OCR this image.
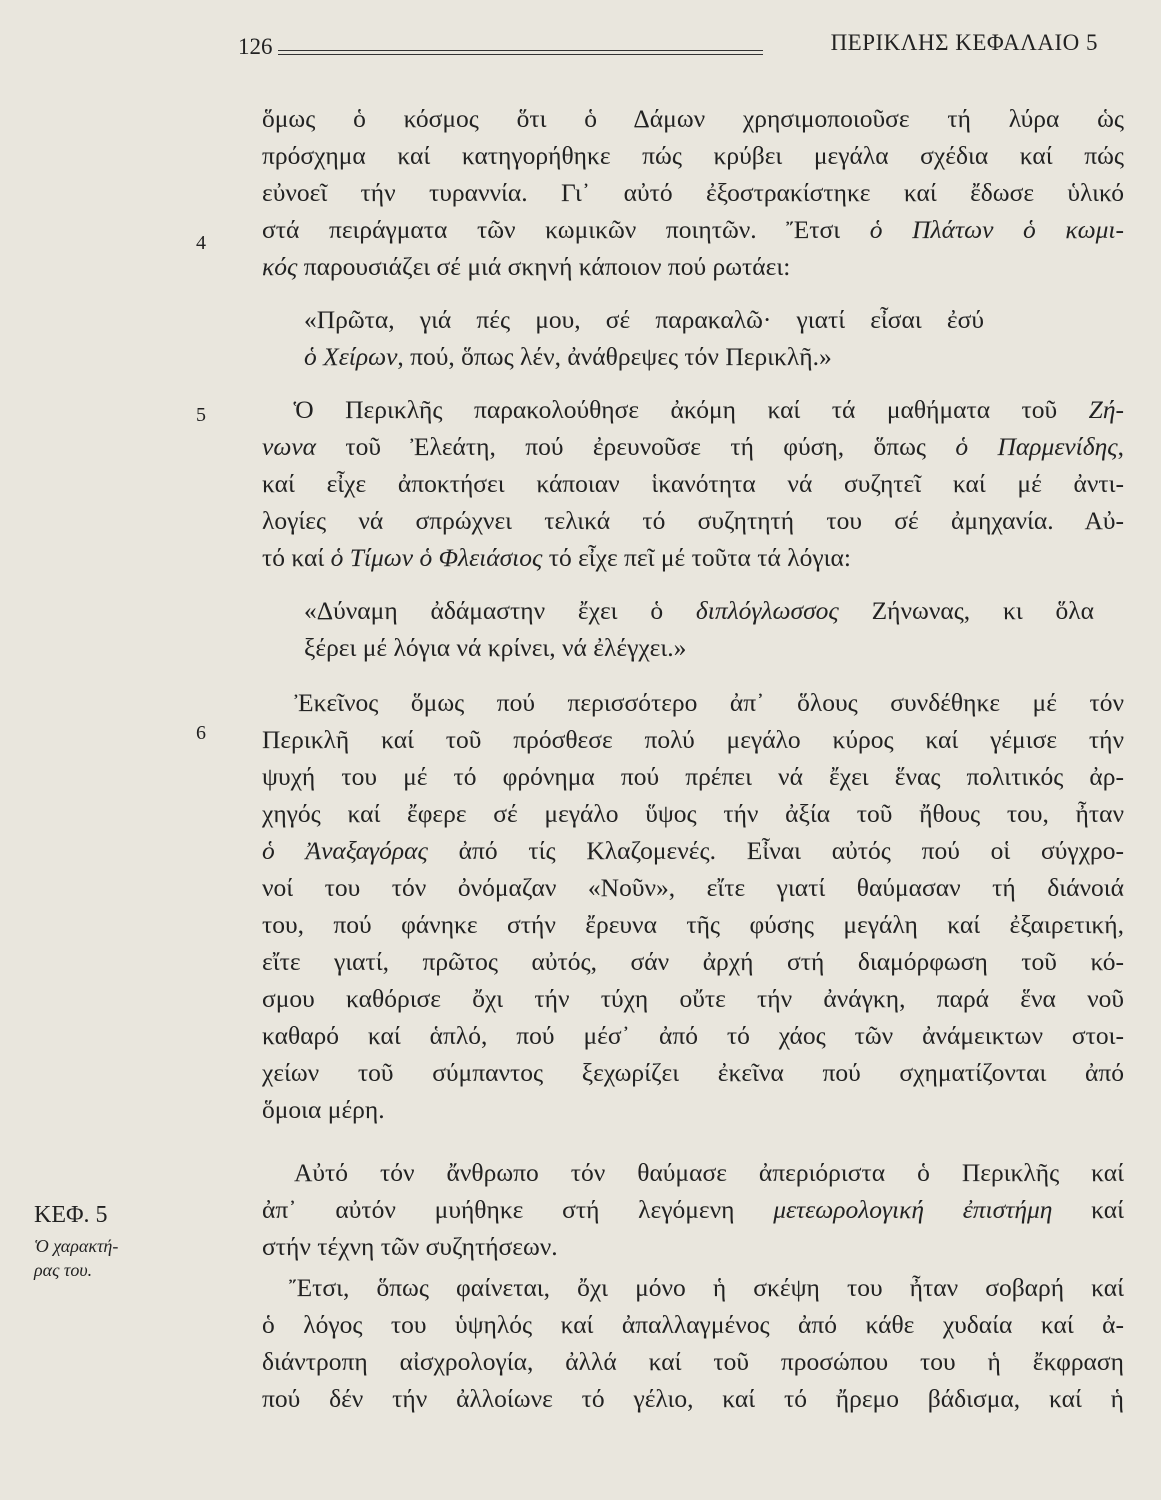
126	ΠΕΡΙΚΛΗΣ ΚΕΦΑΛΑΙΟ 5
4
5
6

ὅμως ὁ κόσμος ὅτι ὁ Δάμων χρησιμοποιοῦσε τή λύρα ὡς
πρόσχημα καί κατηγορήθηκε πώς κρύβει μεγάλα σχέδια καί πώς
εὐνοεῖ τήν τυραννία. Γι᾿ αὐτό ἐξοστρακίστηκε καί ἔδωσε ὑλικό
στά πειράγματα τῶν κωμικῶν ποιητῶν. Ἔτσι ὁ Πλάτων ὁ κωμι-
κός παρουσιάζει σέ μιά σκηνή κάποιον πού ρωτάει:

«Πρῶτα, γιά πές μου, σέ παρακαλῶ· γιατί εἶσαι ἐσύ
ὁ Χείρων, πού, ὅπως λέν, ἀνάθρεψες τόν Περικλῆ.»

Ὁ Περικλῆς παρακολούθησε ἀκόμη καί τά μαθήματα τοῦ Ζή-
νωνα τοῦ Ἐλεάτη, πού ἐρευνοῦσε τή φύση, ὅπως ὁ Παρμενίδης,
καί εἶχε ἀποκτήσει κάποιαν ἱκανότητα νά συζητεῖ καί μέ ἀντι-
λογίες νά σπρώχνει τελικά τό συζητητή του σέ ἀμηχανία. Αὐ-
τό καί ὁ Τίμων ὁ Φλειάσιος τό εἶχε πεῖ μέ τοῦτα τά λόγια:

«Δύναμη ἀδάμαστην ἔχει ὁ διπλόγλωσσος Ζήνωνας, κι ὅλα
ξέρει μέ λόγια νά κρίνει, νά ἐλέγχει.»

Ἐκεῖνος ὅμως πού περισσότερο ἀπ᾿ ὅλους συνδέθηκε μέ τόν
Περικλῆ καί τοῦ πρόσθεσε πολύ μεγάλο κύρος καί γέμισε τήν
ψυχή του μέ τό φρόνημα πού πρέπει νά ἔχει ἕνας πολιτικός ἀρ-
χηγός καί ἔφερε σέ μεγάλο ὕψος τήν ἀξία τοῦ ἤθους του, ἦταν
ὁ Ἀναξαγόρας ἀπό τίς Κλαζομενές. Εἶναι αὐτός πού οἱ σύγχρο-
νοί του τόν ὀνόμαζαν «Νοῦν», εἴτε γιατί θαύμασαν τή διάνοιά
του, πού φάνηκε στήν ἔρευνα τῆς φύσης μεγάλη καί ἐξαιρετική,
εἴτε γιατί, πρῶτος αὐτός, σάν ἀρχή στή διαμόρφωση τοῦ κό-
σμου καθόρισε ὄχι τήν τύχη οὔτε τήν ἀνάγκη, παρά ἕνα νοῦ
καθαρό καί ἁπλό, πού μέσ᾿ ἀπό τό χάος τῶν ἀνάμεικτων στοι-
χείων τοῦ σύμπαντος ξεχωρίζει ἐκεῖνα πού σχηματίζονται ἀπό
ὅμοια μέρη.

Αὐτό τόν ἄνθρωπο τόν θαύμασε ἀπεριόριστα ὁ Περικλῆς καί
ἀπ᾿ αὐτόν μυήθηκε στή λεγόμενη μετεωρολογική ἐπιστήμη καί
στήν τέχνη τῶν συζητήσεων.

Ἔτσι, ὅπως φαίνεται, ὄχι μόνο ἡ σκέψη του ἦταν σοβαρή καί
ὁ λόγος του ὑψηλός καί ἀπαλλαγμένος ἀπό κάθε χυδαία καί ἀ-
διάντροπη αἰσχρολογία, ἀλλά καί τοῦ προσώπου του ἡ ἔκφραση
πού δέν τήν ἀλλοίωνε τό γέλιο, καί τό ἤρεμο βάδισμα, καί ἡ

ΚΕΦ. 5
Ὁ χαρακτή-
ρας του.
